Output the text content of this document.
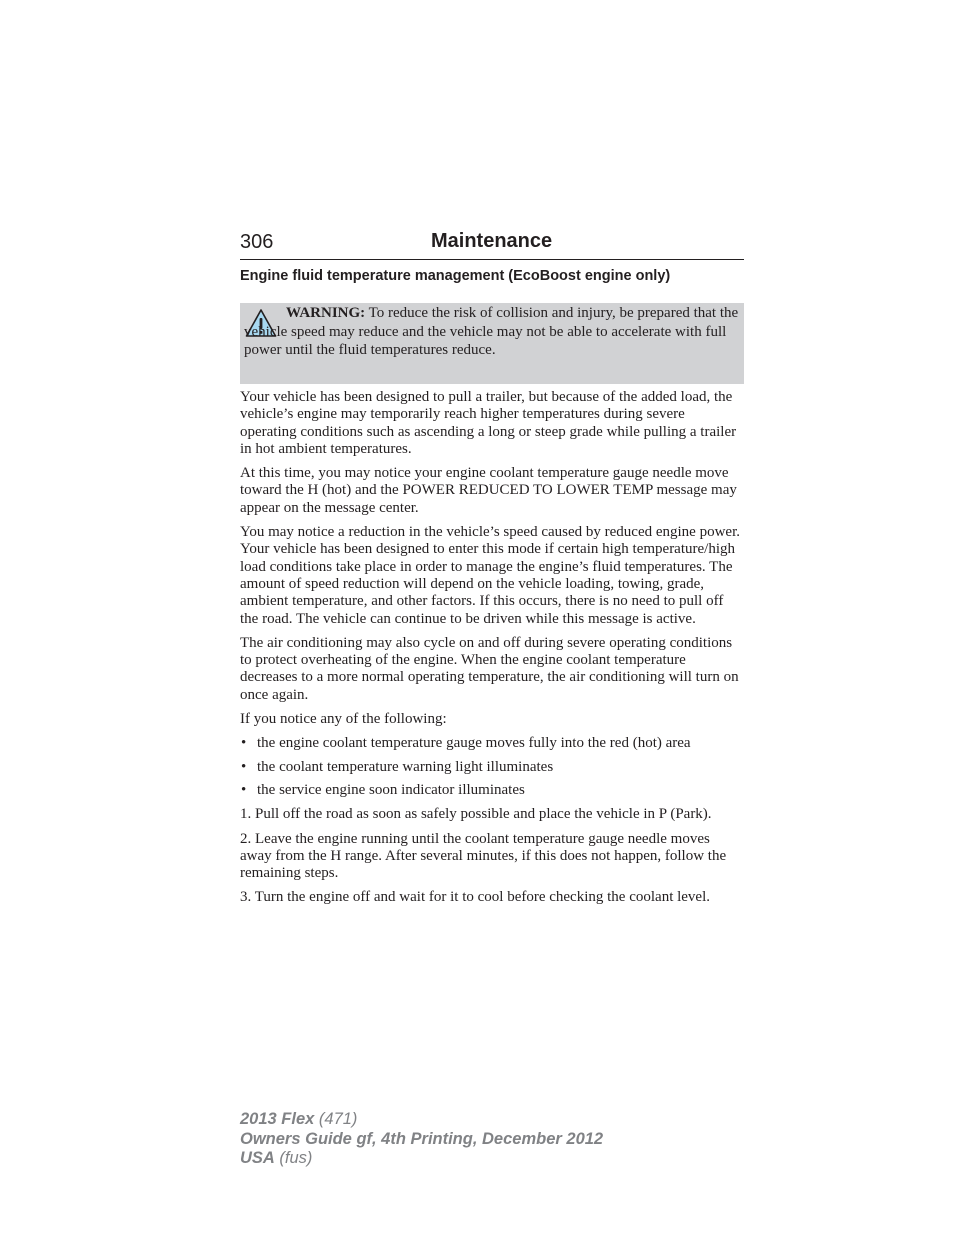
306	Maintenance
Engine fluid temperature management (EcoBoost engine only)
WARNING: To reduce the risk of collision and injury, be prepared that the vehicle speed may reduce and the vehicle may not be able to accelerate with full power until the fluid temperatures reduce.

Your vehicle has been designed to pull a trailer, but because of the added load, the vehicle’s engine may temporarily reach higher temperatures during severe operating conditions such as ascending a long or steep grade while pulling a trailer in hot ambient temperatures.

At this time, you may notice your engine coolant temperature gauge needle move toward the H (hot) and the POWER REDUCED TO LOWER TEMP message may appear on the message center.

You may notice a reduction in the vehicle’s speed caused by reduced engine power. Your vehicle has been designed to enter this mode if certain high temperature/high load conditions take place in order to manage the engine’s fluid temperatures. The amount of speed reduction will depend on the vehicle loading, towing, grade, ambient temperature, and other factors. If this occurs, there is no need to pull off the road. The vehicle can continue to be driven while this message is active.

The air conditioning may also cycle on and off during severe operating conditions to protect overheating of the engine. When the engine coolant temperature decreases to a more normal operating temperature, the air conditioning will turn on once again.

If you notice any of the following:

• the engine coolant temperature gauge moves fully into the red (hot) area
• the coolant temperature warning light illuminates
• the service engine soon indicator illuminates

1. Pull off the road as soon as safely possible and place the vehicle in P (Park).

2. Leave the engine running until the coolant temperature gauge needle moves away from the H range. After several minutes, if this does not happen, follow the remaining steps.

3. Turn the engine off and wait for it to cool before checking the coolant level.

2013 Flex (471)
Owners Guide gf, 4th Printing, December 2012
USA (fus)
